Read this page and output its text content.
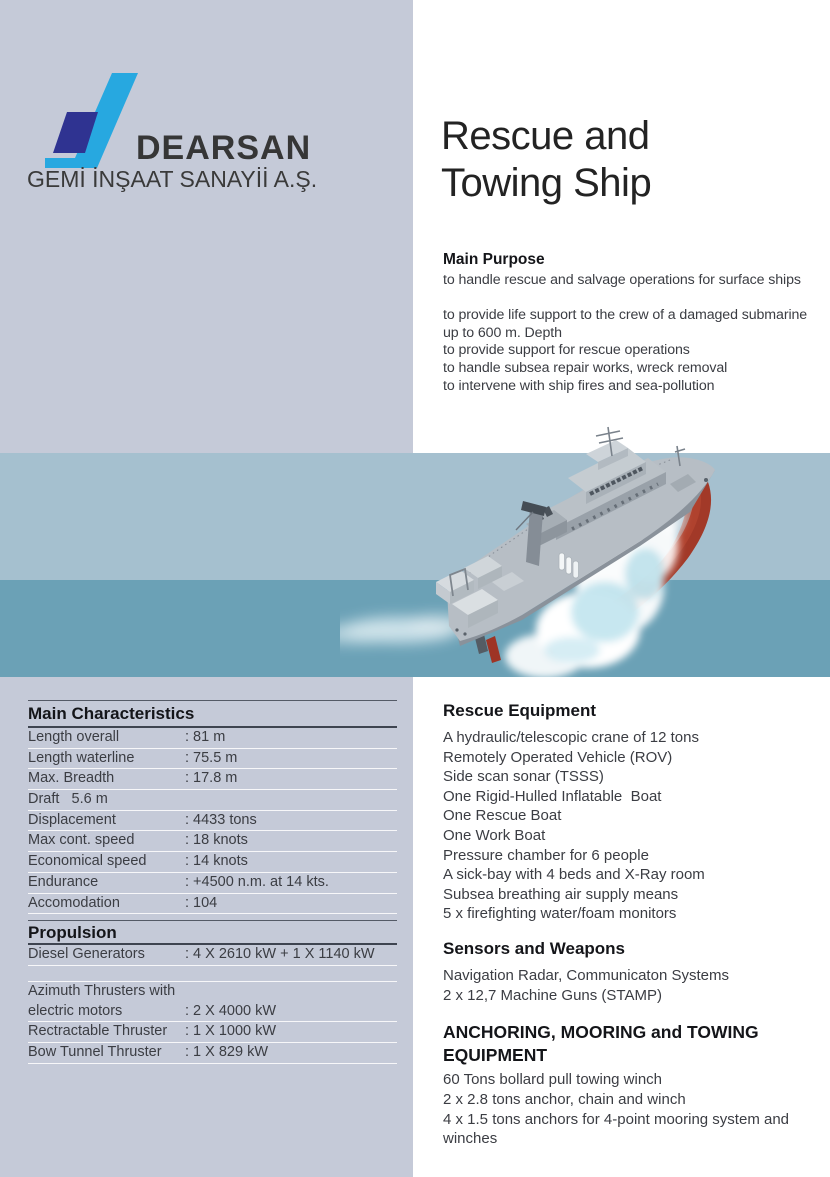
DEARSAN
GEMİ İNŞAAT SANAYİİ A.Ş.
Rescue and
Towing Ship
Main Purpose
to handle rescue and salvage operations for surface ships
to provide life support to the crew of a damaged submarine
up to 600 m. Depth
to provide support for rescue operations
to handle subsea repair works, wreck removal
to intervene with ship fires and sea-pollution
Main Characteristics
Length overall	: 81 m
Length waterline	: 75.5 m
Max. Breadth	: 17.8 m
Draft   5.6 m
Displacement	: 4433 tons
Max cont. speed	: 18 knots
Economical speed	: 14 knots
Endurance	: +4500 n.m. at 14 kts.
Accomodation	: 104
Propulsion
Diesel Generators	: 4 X 2610 kW + 1 X 1140 kW
Azimuth Thrusters with
electric motors	: 2 X 4000 kW
Rectractable Thruster	: 1 X 1000 kW
Bow Tunnel Thruster	: 1 X 829 kW
Rescue Equipment
A hydraulic/telescopic crane of 12 tons
Remotely Operated Vehicle (ROV)
Side scan sonar (TSSS)
One Rigid-Hulled Inflatable  Boat
One Rescue Boat
One Work Boat
Pressure chamber for 6 people
A sick-bay with 4 beds and X-Ray room
Subsea breathing air supply means
5 x firefighting water/foam monitors
Sensors and Weapons
Navigation Radar, Communicaton Systems
2 x 12,7 Machine Guns (STAMP)
ANCHORING, MOORING and TOWING
EQUIPMENT
60 Tons bollard pull towing winch
2 x 2.8 tons anchor, chain and winch
4 x 1.5 tons anchors for 4-point mooring system and winches
